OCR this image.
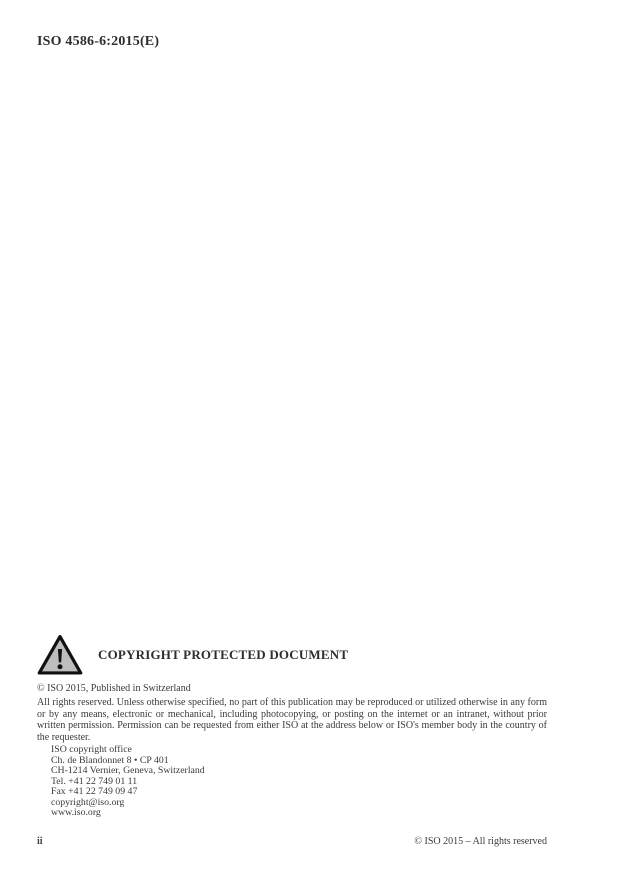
ISO 4586-6:2015(E)
COPYRIGHT PROTECTED DOCUMENT
© ISO 2015, Published in Switzerland
All rights reserved. Unless otherwise specified, no part of this publication may be reproduced or utilized otherwise in any form or by any means, electronic or mechanical, including photocopying, or posting on the internet or an intranet, without prior written permission. Permission can be requested from either ISO at the address below or ISO's member body in the country of the requester.
ISO copyright office
Ch. de Blandonnet 8 • CP 401
CH-1214 Vernier, Geneva, Switzerland
Tel. +41 22 749 01 11
Fax +41 22 749 09 47
copyright@iso.org
www.iso.org
ii	© ISO 2015 – All rights reserved
